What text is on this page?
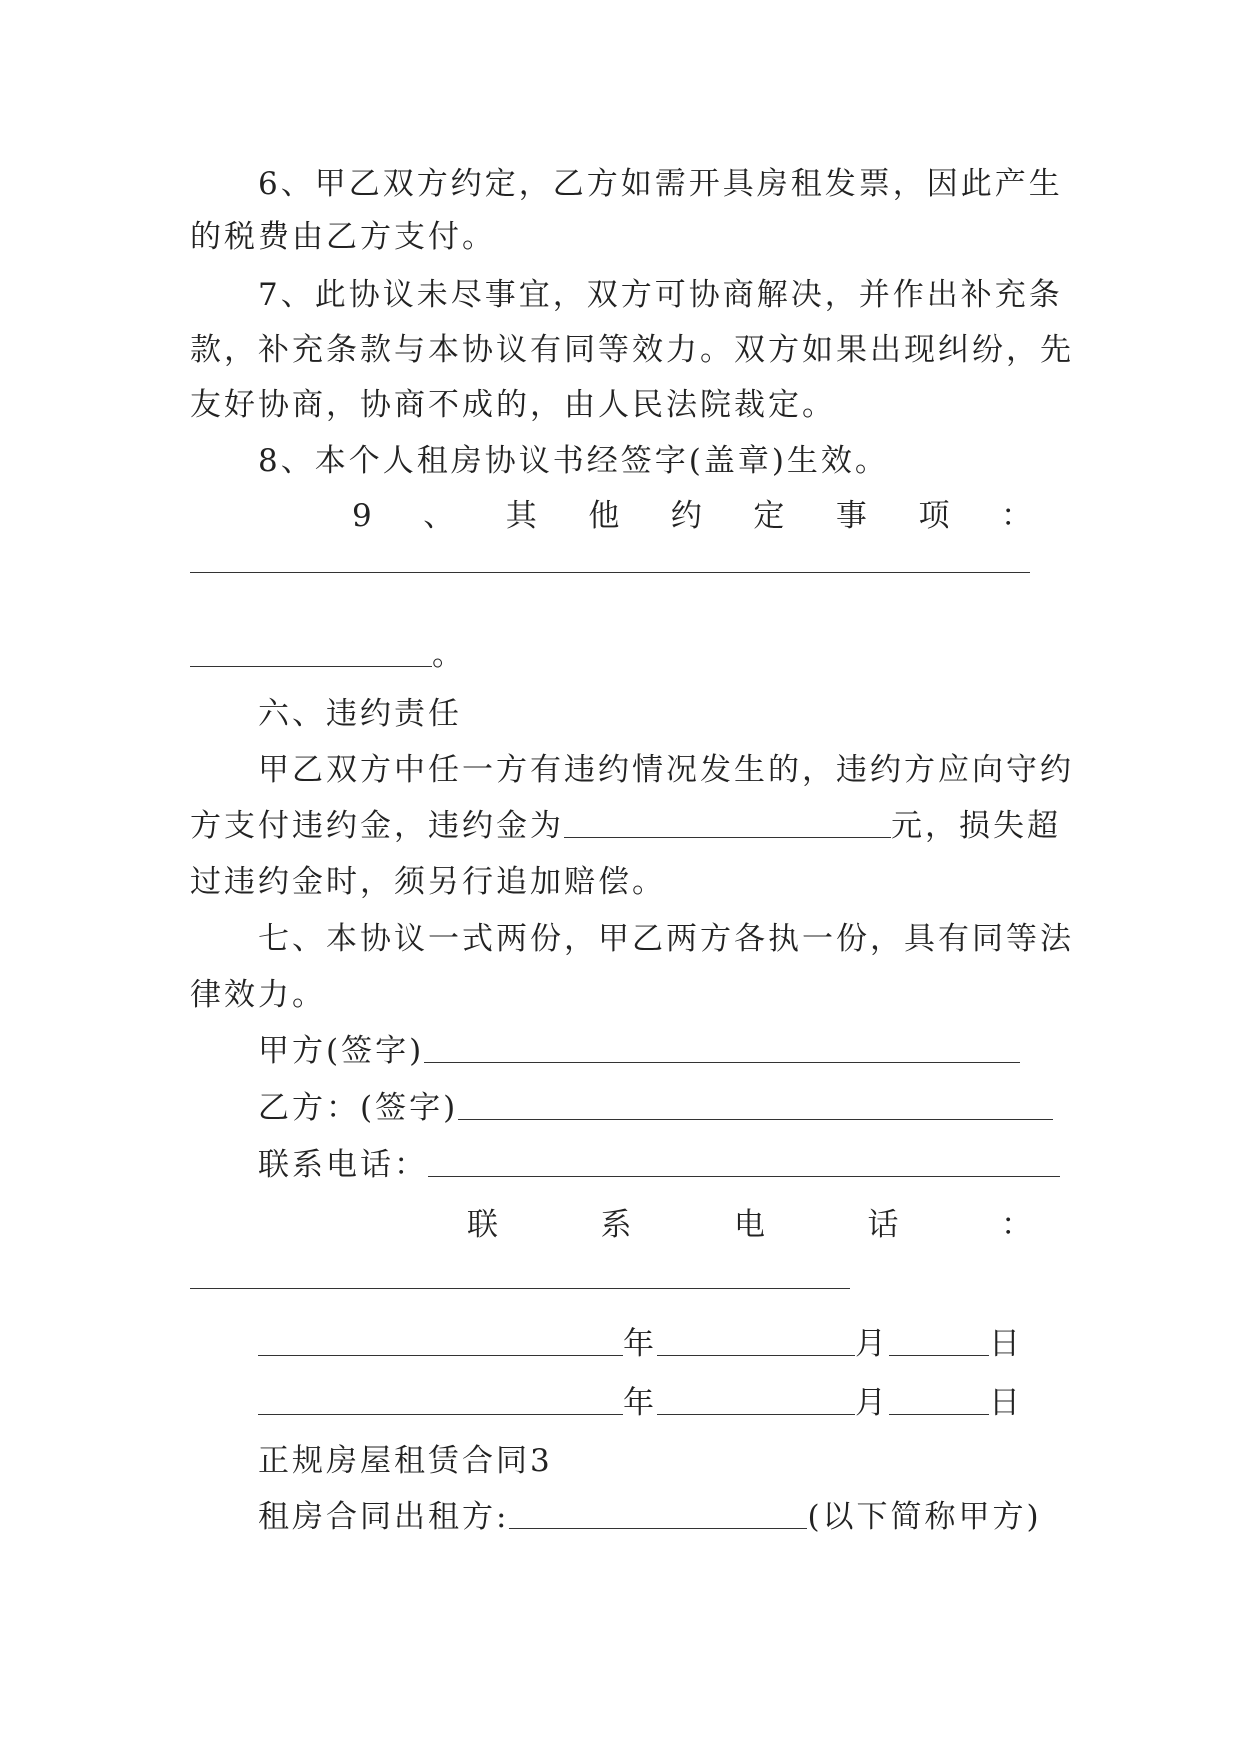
6、甲乙双方约定，乙方如需开具房租发票，因此产生
的税费由乙方支付。
7、此协议未尽事宜，双方可协商解决，并作出补充条
款，补充条款与本协议有同等效力。双方如果出现纠纷，先
友好协商，协商不成的，由人民法院裁定。
8、本个人租房协议书经签字(盖章)生效。
9 、 其 他 约 定 事 项 ：
。
六、违约责任
甲乙双方中任一方有违约情况发生的，违约方应向守约
方支付违约金，违约金为	元，损失超
过违约金时，须另行追加赔偿。
七、本协议一式两份，甲乙两方各执一份，具有同等法
律效力。
甲方(签字)
乙方：(签字)
联系电话：
联	系	电	话	：
年	月	日
年	月	日
正规房屋租赁合同3
租房合同出租方:	(以下简称甲方)
